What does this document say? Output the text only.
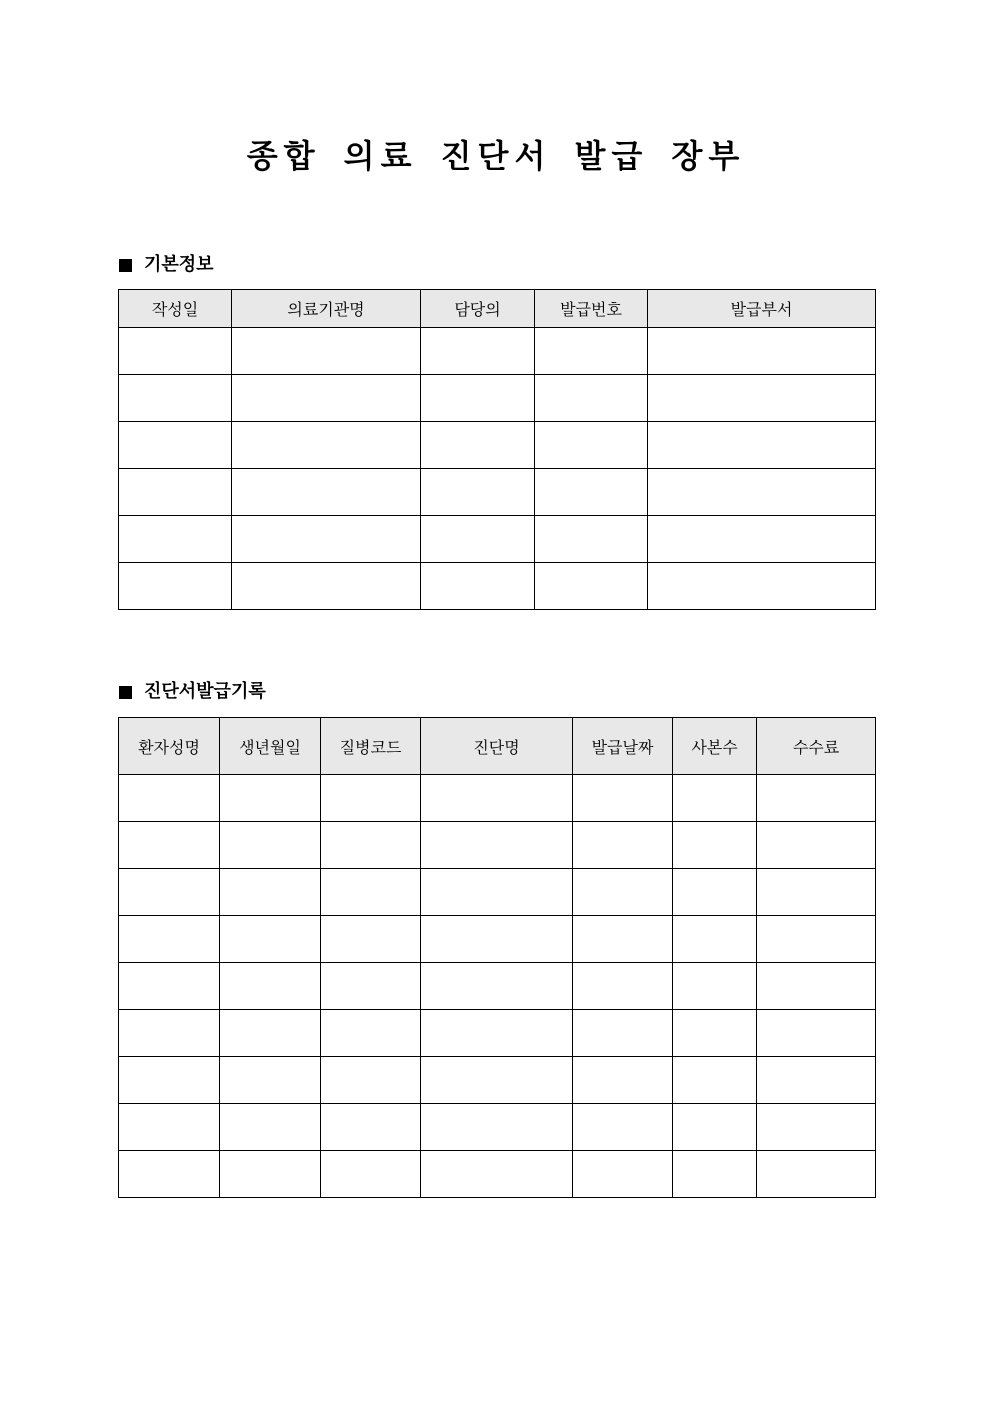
종합 의료 진단서 발급 장부
기본정보
작성일	의료기관명	담당의	발급번호	발급부서

진단서발급기록
환자성명	생년월일	질병코드	진단명	발급날짜	사본수	수수료
